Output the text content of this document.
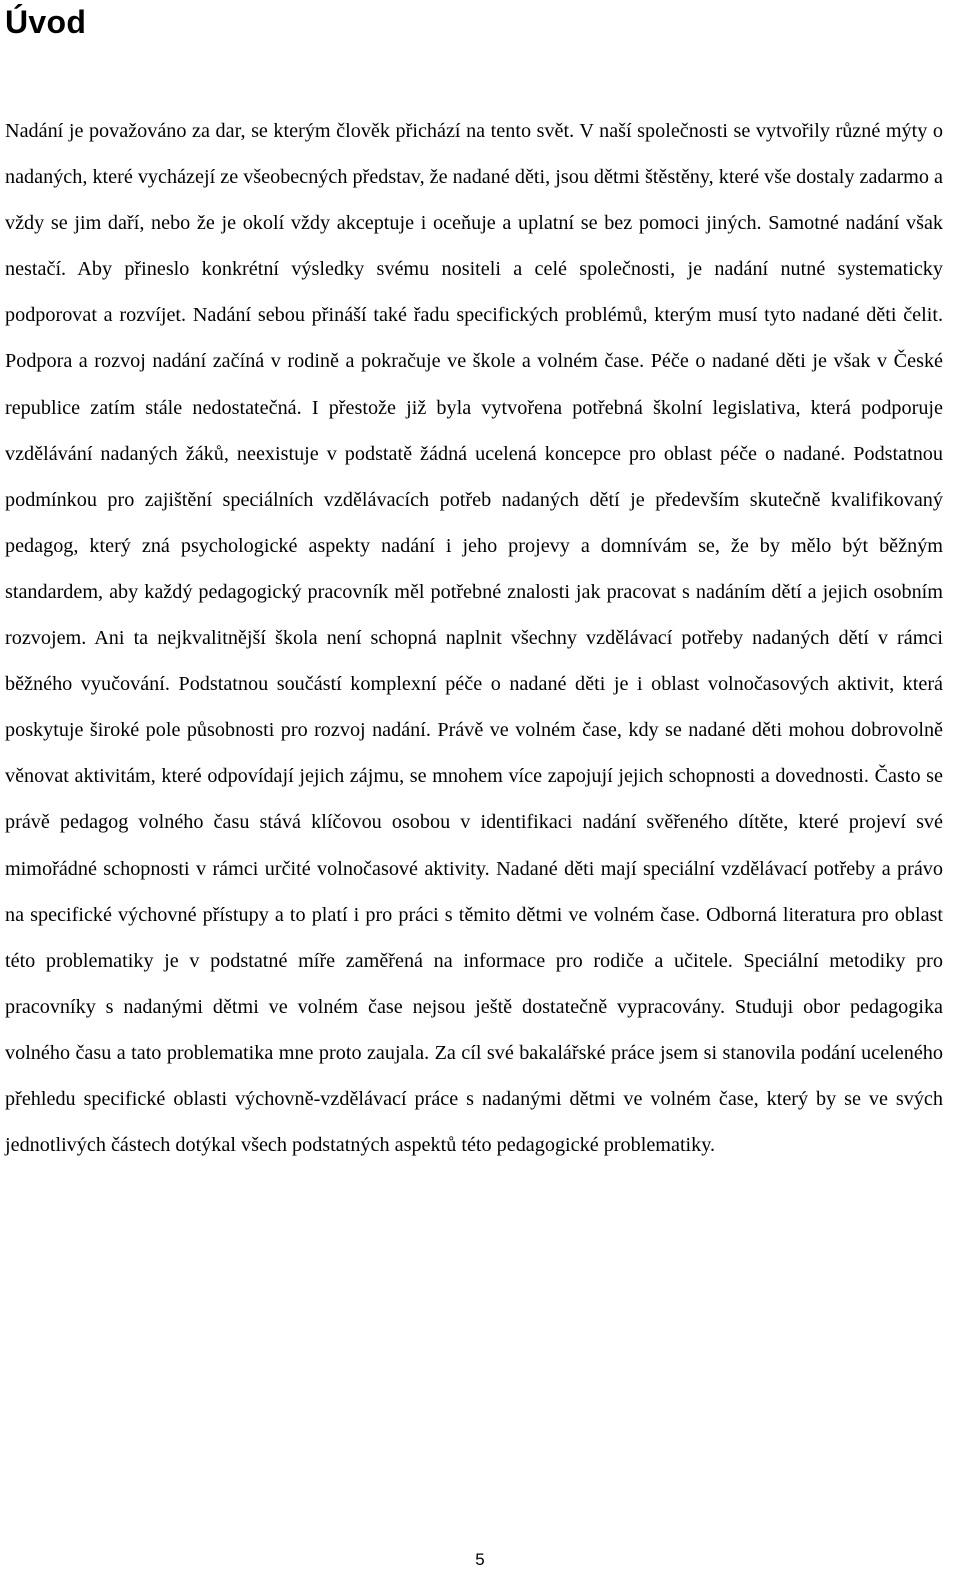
Úvod

Nadání je považováno za dar, se kterým člověk přichází na tento svět. V naší společnosti se vytvořily různé mýty o nadaných, které vycházejí ze všeobecných představ, že nadané děti, jsou dětmi štěstěny, které vše dostaly zadarmo a vždy se jim daří, nebo že je okolí vždy akceptuje i oceňuje a uplatní se bez pomoci jiných. Samotné nadání však nestačí. Aby přineslo konkrétní výsledky svému nositeli a celé společnosti, je nadání nutné systematicky podporovat a rozvíjet. Nadání sebou přináší také řadu specifických problémů, kterým musí tyto nadané děti čelit. Podpora a rozvoj nadání začíná v rodině a pokračuje ve škole a volném čase. Péče o nadané děti je však v České republice zatím stále nedostatečná. I přestože již byla vytvořena potřebná školní legislativa, která podporuje vzdělávání nadaných žáků, neexistuje v podstatě žádná ucelená koncepce pro oblast péče o nadané. Podstatnou podmínkou pro zajištění speciálních vzdělávacích potřeb nadaných dětí je především skutečně kvalifikovaný pedagog, který zná psychologické aspekty nadání i jeho projevy a domnívám se, že by mělo být běžným standardem, aby každý pedagogický pracovník měl potřebné znalosti jak pracovat s nadáním dětí a jejich osobním rozvojem. Ani ta nejkvalitnější škola není schopná naplnit všechny vzdělávací potřeby nadaných dětí v rámci běžného vyučování. Podstatnou součástí komplexní péče o nadané děti je i oblast volnočasových aktivit, která poskytuje široké pole působnosti pro rozvoj nadání. Právě ve volném čase, kdy se nadané děti mohou dobrovolně věnovat aktivitám, které odpovídají jejich zájmu, se mnohem více zapojují jejich schopnosti a dovednosti. Často se právě pedagog volného času stává klíčovou osobou v identifikaci nadání svěřeného dítěte, které projeví své mimořádné schopnosti v rámci určité volnočasové aktivity. Nadané děti mají speciální vzdělávací potřeby a právo na specifické výchovné přístupy a to platí i pro práci s těmito dětmi ve volném čase. Odborná literatura pro oblast této problematiky je v podstatné míře zaměřená na informace pro rodiče a učitele. Speciální metodiky pro pracovníky s nadanými dětmi ve volném čase nejsou ještě dostatečně vypracovány. Studuji obor pedagogika volného času a tato problematika mne proto zaujala. Za cíl své bakalářské práce jsem si stanovila podání uceleného přehledu specifické oblasti výchovně-vzdělávací práce s nadanými dětmi ve volném čase, který by se ve svých jednotlivých částech dotýkal všech podstatných aspektů této pedagogické problematiky.

5
